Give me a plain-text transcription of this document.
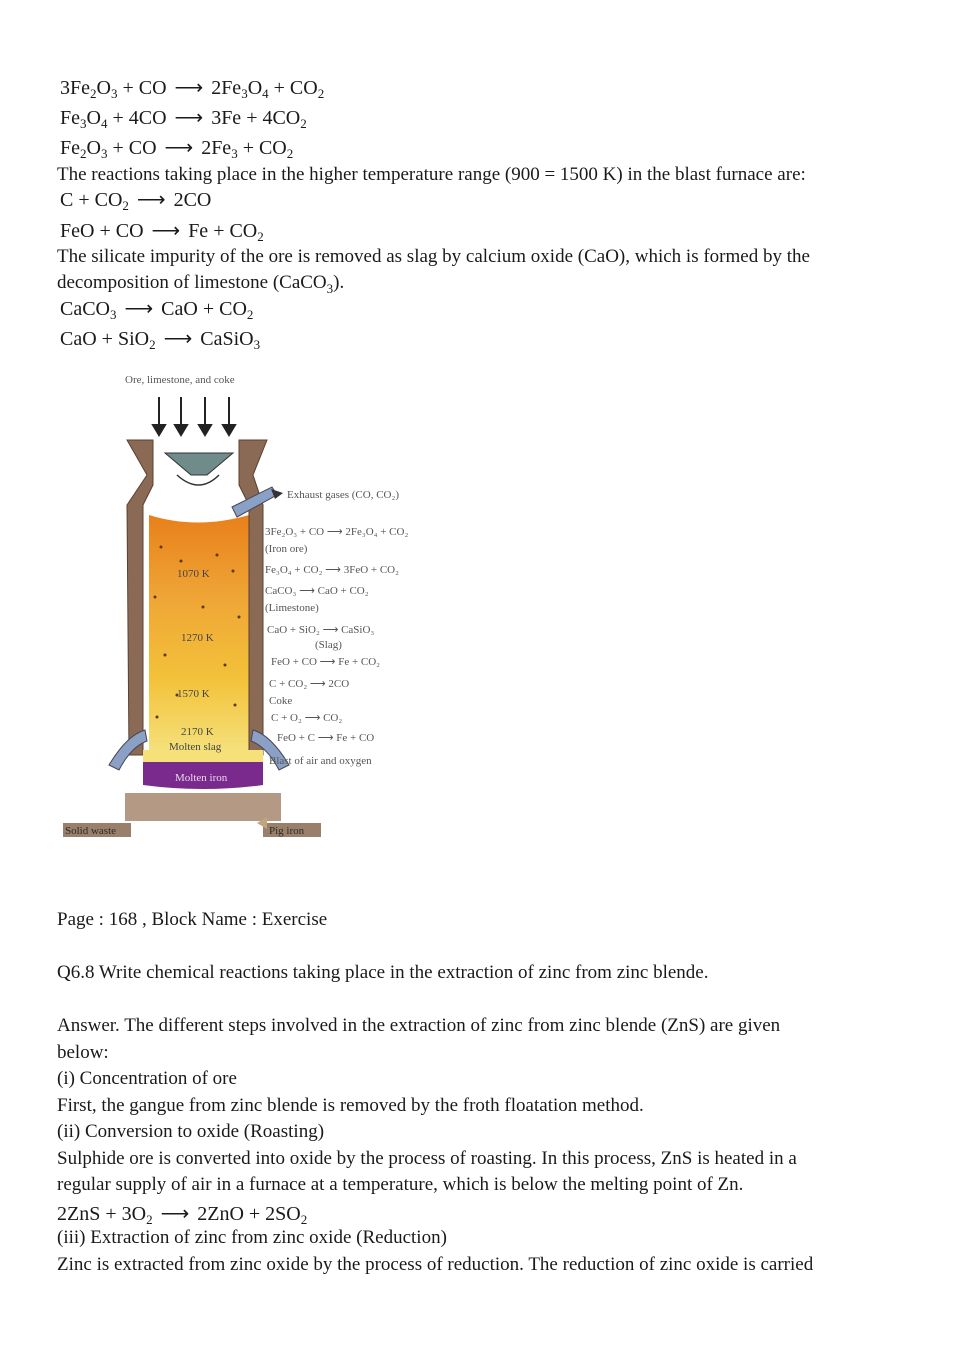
$3Fe_2O_3$ + CO ⟶ $2Fe_3O_4 + CO_2$
$Fe_3O_4 + 4CO$ ⟶ $3Fe + 4CO_2$
$Fe_2O_3$ + CO ⟶ $2Fe_3 + CO_2$
The reactions taking place in the higher temperature range (900 = 1500 K) in the blast furnace are:
$C + CO_2$ ⟶ 2CO
FeO + CO ⟶ $Fe + CO_2$
The silicate impurity of the ore is removed as slag by calcium oxide (CaO), which is formed by the
decomposition of limestone (CaCO$_3$).
CaCO$_3$ ⟶ CaO + $CO_2$
CaO + SiO$_2$ ⟶ CaSiO$_3$
Ore, limestone, and coke
1070 K
1270 K
1570 K
2170 K
Molten slag
Molten iron
Solid waste	Pig iron
Exhaust gases (CO, CO₂)
3Fe₂O₃ + CO ⟶ 2Fe₃O₄ + CO₂
(Iron ore)
Fe₃O₄ + CO₂ ⟶ 3FeO + CO₂
CaCO₃ ⟶ CaO + CO₂
(Limestone)
CaO + SiO₂ ⟶ CaSiO₃
(Slag)
FeO + CO ⟶ Fe + CO₂
C + CO₂ ⟶ 2CO
Coke
C + O₂ ⟶ CO₂
FeO + C ⟶ Fe + CO
Blast of air and oxygen
Page : 168 , Block Name : Exercise
Q6.8 Write chemical reactions taking place in the extraction of zinc from zinc blende.
Answer. The different steps involved in the extraction of zinc from zinc blende (ZnS) are given
below:
(i) Concentration of ore
First, the gangue from zinc blende is removed by the froth floatation method.
(ii) Conversion to oxide (Roasting)
Sulphide ore is converted into oxide by the process of roasting. In this process, ZnS is heated in a
regular supply of air in a furnace at a temperature, which is below the melting point of Zn.
$2ZnS + 3O_2$ ⟶ $2ZnO + 2SO_2$
(iii) Extraction of zinc from zinc oxide (Reduction)
Zinc is extracted from zinc oxide by the process of reduction. The reduction of zinc oxide is carried
